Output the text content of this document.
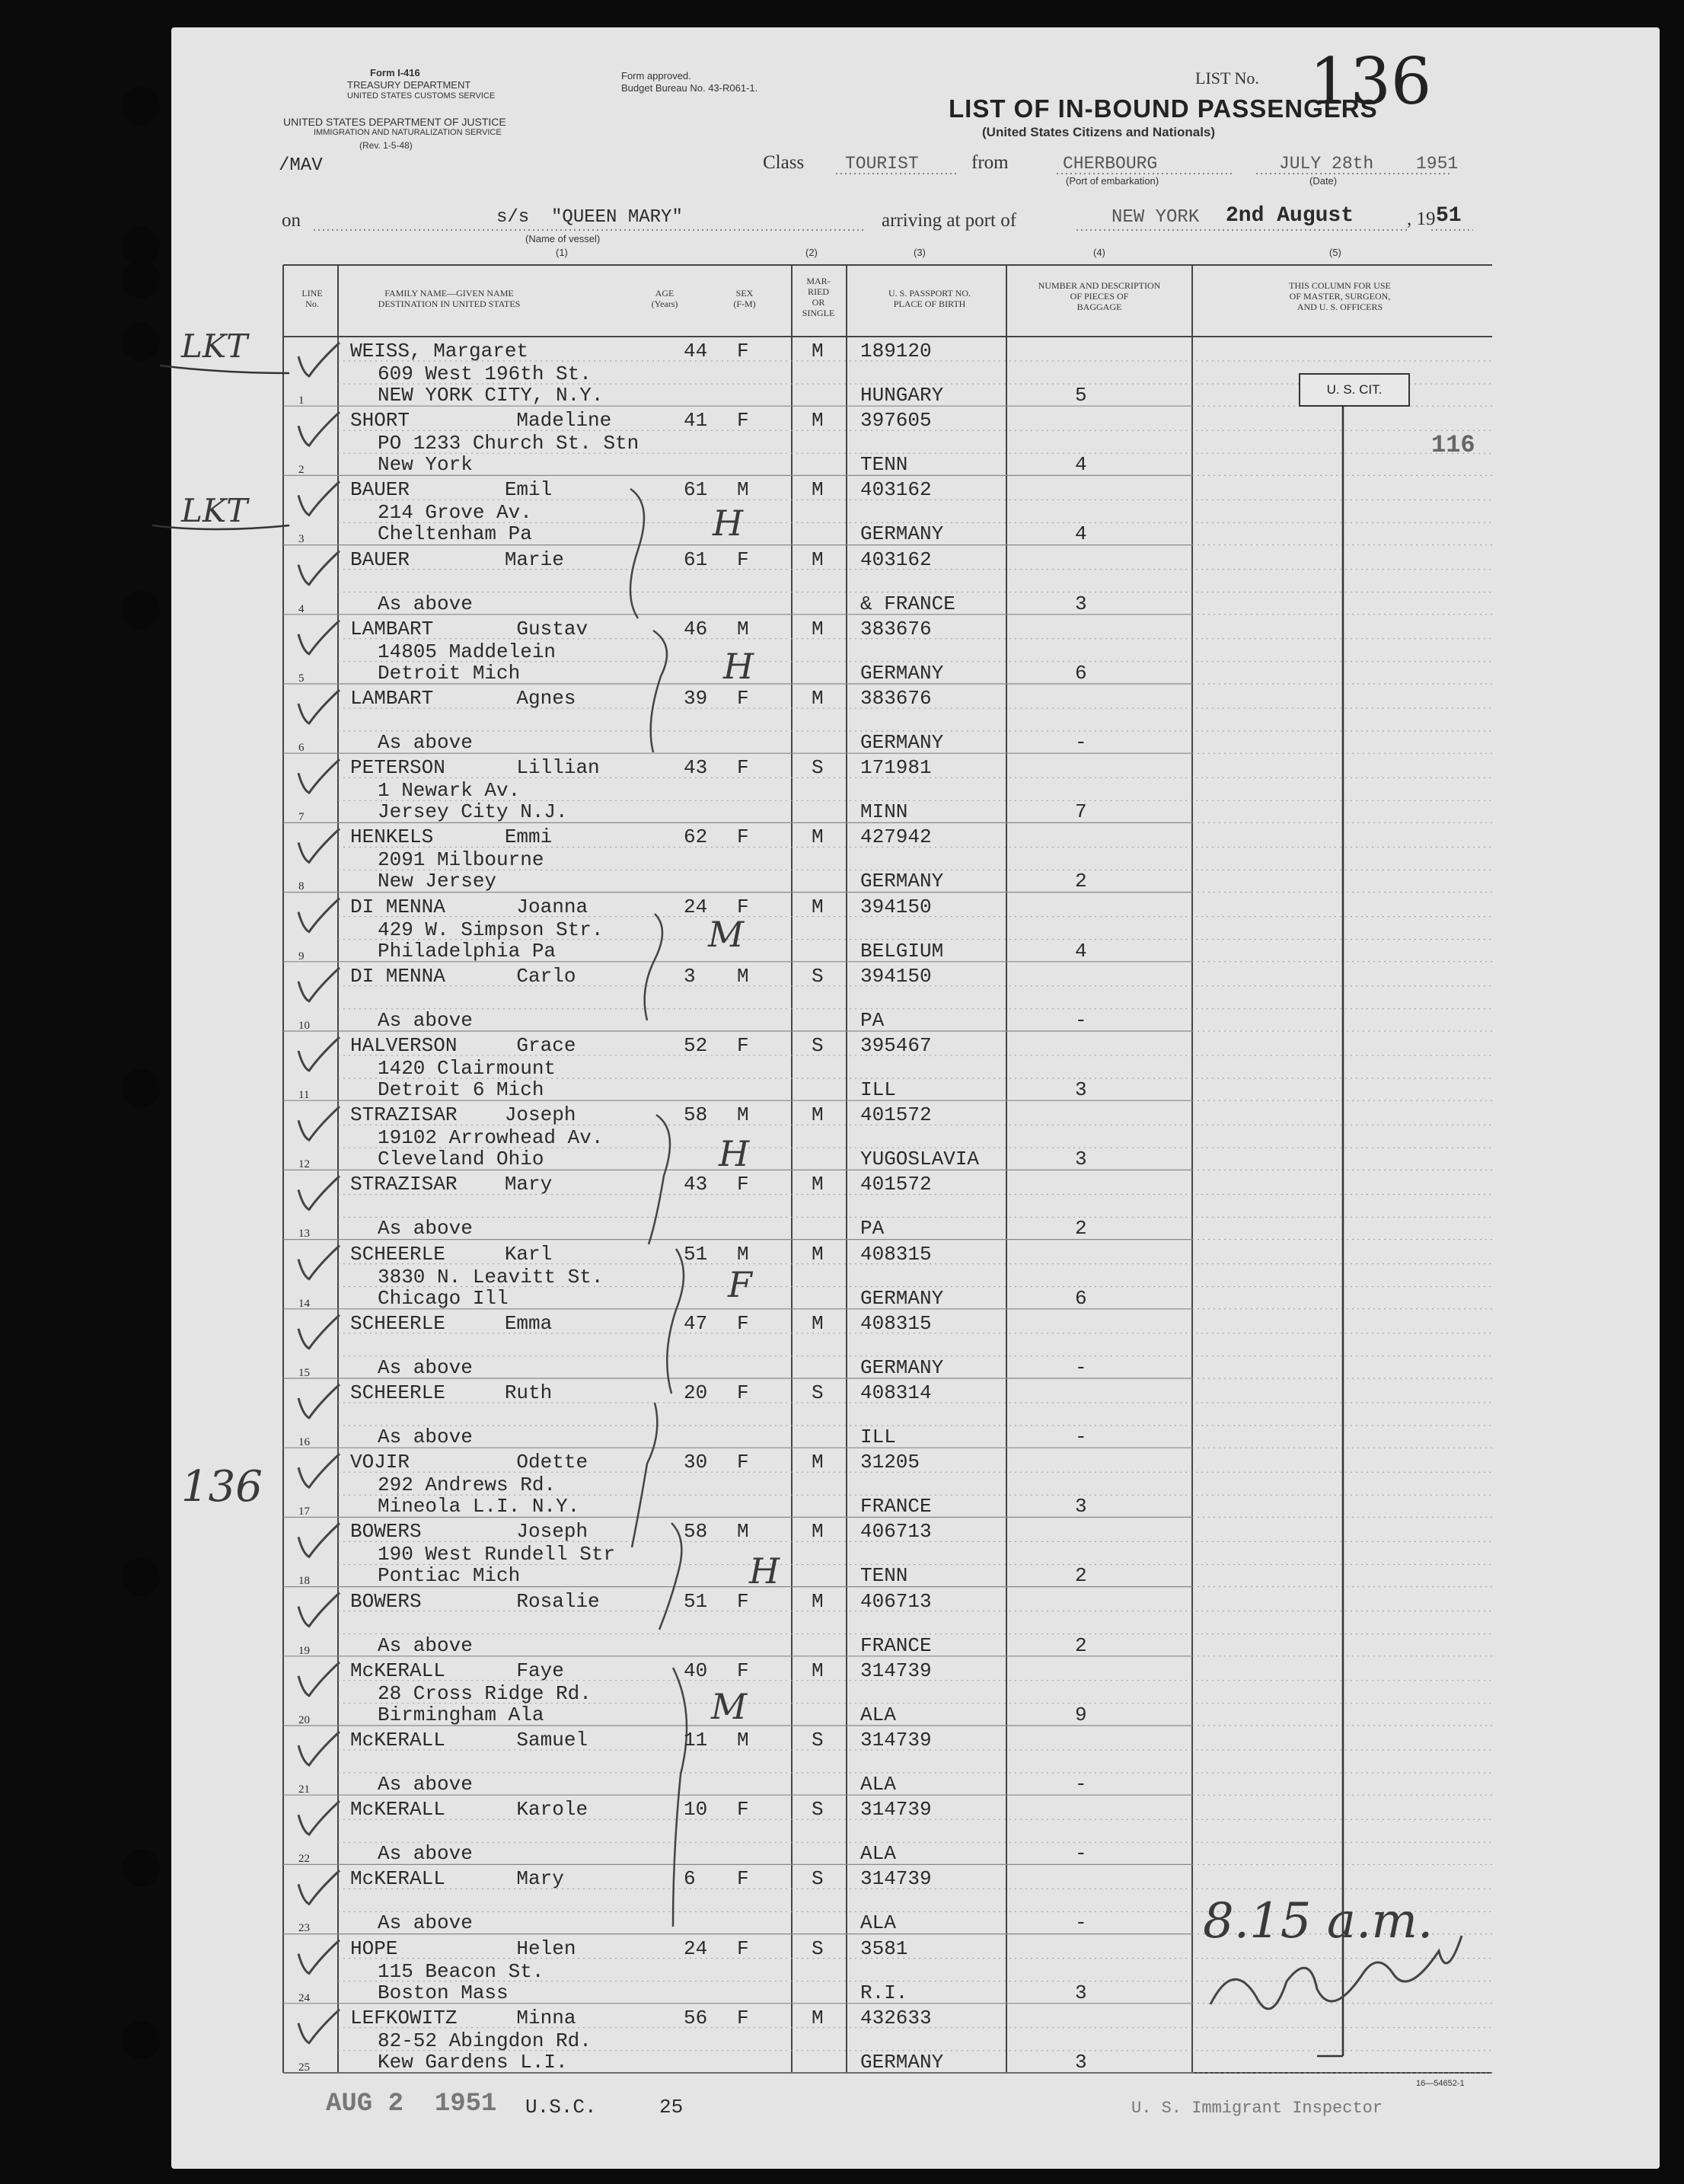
Form I-416
TREASURY DEPARTMENT
UNITED STATES CUSTOMS SERVICE
Form approved.
Budget Bureau No. 43-R061-1.
UNITED STATES DEPARTMENT OF JUSTICE
IMMIGRATION AND NATURALIZATION SERVICE
(Rev. 1-5-48)
LIST No. 136
LIST OF IN-BOUND PASSENGERS
(United States Citizens and Nationals)
/MAV	Class TOURIST	from	CHERBOURG
(Port of embarkation)
JULY 28th 1951
(Date)
on	s/s  "QUEEN MARY"
(Name of vessel)
(1)
arriving at port of	NEW YORK 2nd August	, 19 51
(2)	(3)	(4)	(5)
LINE
No.
FAMILY NAME—GIVEN NAME
DESTINATION IN UNITED STATES
AGE
(Years)
SEX
(F-M)
MAR-
RIED
OR
SINGLE
U. S. PASSPORT NO.
PLACE OF BIRTH
NUMBER AND DESCRIPTION
OF PIECES OF
BAGGAGE
THIS COLUMN FOR USE
OF MASTER, SURGEON,
AND U. S. OFFICERS
U. S. CIT.
116
136
8.15 a.m.
LKT
LKT	H
H
M
H
F
H
M
1
WEISS, Margaret
609 West 196th St.
NEW YORK CITY, N.Y.
44 F	M 189120
HUNGARY	5
2
SHORT         Madeline
PO 1233 Church St. Stn
New York
41 F	M 397605
TENN	4
3
BAUER        Emil
214 Grove Av.
Cheltenham Pa
61 M	M 403162
GERMANY	4
4
BAUER        Marie
As above
61 F	M 403162
& FRANCE	3
5
LAMBART       Gustav
14805 Maddelein
Detroit Mich
46 M	M 383676
GERMANY	6
6
LAMBART       Agnes
As above
39 F	M 383676
GERMANY	-
7
PETERSON      Lillian
1 Newark Av.
Jersey City N.J.
43 F	S 171981
MINN	7
8
HENKELS      Emmi
2091 Milbourne
New Jersey
62 F	M 427942
GERMANY	2
9
DI MENNA      Joanna
429 W. Simpson Str.
Philadelphia Pa
24 F	M 394150
BELGIUM	4
10
DI MENNA      Carlo
As above
3 M	S 394150
PA	-
11
HALVERSON     Grace
1420 Clairmount
Detroit 6 Mich
52 F	S 395467
ILL	3
12
STRAZISAR    Joseph
19102 Arrowhead Av.
Cleveland Ohio
58 M	M 401572
YUGOSLAVIA	3
13
STRAZISAR    Mary
As above
43 F	M 401572
PA	2
14
SCHEERLE     Karl
3830 N. Leavitt St.
Chicago Ill
51 M	M 408315
GERMANY	6
15
SCHEERLE     Emma
As above
47 F	M 408315
GERMANY	-
16
SCHEERLE     Ruth
As above
20 F	S 408314
ILL	-
17
VOJIR         Odette
292 Andrews Rd.
Mineola L.I. N.Y.
30 F	M 31205
FRANCE	3
18
BOWERS        Joseph
190 West Rundell Str
Pontiac Mich
58 M	M 406713
TENN	2
19
BOWERS        Rosalie
As above
51 F	M 406713
FRANCE	2
20
McKERALL      Faye
28 Cross Ridge Rd.
Birmingham Ala
40 F	M 314739
ALA	9
21
McKERALL      Samuel
As above
11 M	S 314739
ALA	-
22
McKERALL      Karole
As above
10 F	S 314739
ALA	-
23
McKERALL      Mary
As above
6 F	S 314739
ALA	-
24
HOPE          Helen
115 Beacon St.
Boston Mass
24 F	S 3581
R.I.	3
25
LEFKOWITZ     Minna
82-52 Abingdon Rd.
Kew Gardens L.I.
56 F	M 432633
GERMANY	3
AUG 2  1951 U.S.C.	25	U. S. Immigrant Inspector
16—54652-1
